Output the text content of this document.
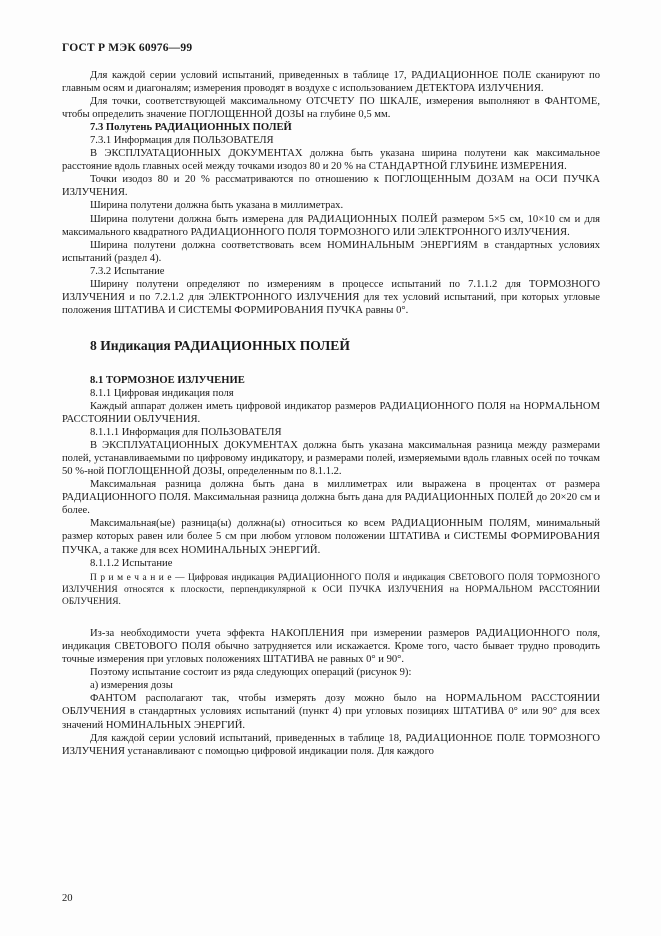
ГОСТ Р МЭК 60976—99

Для каждой серии условий испытаний, приведенных в таблице 17, РАДИАЦИОННОЕ ПОЛЕ сканируют по главным осям и диагоналям; измерения проводят в воздухе с использованием ДЕТЕКТОРА ИЗЛУЧЕНИЯ.

Для точки, соответствующей максимальному ОТСЧЕТУ ПО ШКАЛЕ, измерения выполняют в ФАНТОМЕ, чтобы определить значение ПОГЛОЩЕННОЙ ДОЗЫ на глубине 0,5 мм.

7.3 Полутень РАДИАЦИОННЫХ ПОЛЕЙ

7.3.1 Информация для ПОЛЬЗОВАТЕЛЯ

В ЭКСПЛУАТАЦИОННЫХ ДОКУМЕНТАХ должна быть указана ширина полутени как максимальное расстояние вдоль главных осей между точками изодоз 80 и 20 % на СТАНДАРТНОЙ ГЛУБИНЕ ИЗМЕРЕНИЯ.

Точки изодоз 80 и 20 % рассматриваются по отношению к ПОГЛОЩЕННЫМ ДОЗАМ на ОСИ ПУЧКА ИЗЛУЧЕНИЯ.

Ширина полутени должна быть указана в миллиметрах.

Ширина полутени должна быть измерена для РАДИАЦИОННЫХ ПОЛЕЙ размером 5×5 см, 10×10 см и для максимального квадратного РАДИАЦИОННОГО ПОЛЯ ТОРМОЗНОГО ИЛИ ЭЛЕКТРОННОГО ИЗЛУЧЕНИЯ.

Ширина полутени должна соответствовать всем НОМИНАЛЬНЫМ ЭНЕРГИЯМ в стандартных условиях испытаний (раздел 4).

7.3.2 Испытание

Ширину полутени определяют по измерениям в процессе испытаний по 7.1.1.2 для ТОРМОЗНОГО ИЗЛУЧЕНИЯ и по 7.2.1.2 для ЭЛЕКТРОННОГО ИЗЛУЧЕНИЯ для тех условий испытаний, при которых угловые положения ШТАТИВА И СИСТЕМЫ ФОРМИРОВАНИЯ ПУЧКА равны 0°.

8 Индикация РАДИАЦИОННЫХ ПОЛЕЙ

8.1 ТОРМОЗНОЕ ИЗЛУЧЕНИЕ

8.1.1 Цифровая индикация поля

Каждый аппарат должен иметь цифровой индикатор размеров РАДИАЦИОННОГО ПОЛЯ на НОРМАЛЬНОМ РАССТОЯНИИ ОБЛУЧЕНИЯ.

8.1.1.1 Информация для ПОЛЬЗОВАТЕЛЯ

В ЭКСПЛУАТАЦИОННЫХ ДОКУМЕНТАХ должна быть указана максимальная разница между размерами полей, устанавливаемыми по цифровому индикатору, и размерами полей, измеряемыми вдоль главных осей по точкам 50 %-ной ПОГЛОЩЕННОЙ ДОЗЫ, определенным по 8.1.1.2.

Максимальная разница должна быть дана в миллиметрах или выражена в процентах от размера РАДИАЦИОННОГО ПОЛЯ. Максимальная разница должна быть дана для РАДИАЦИОННЫХ ПОЛЕЙ до 20×20 см и более.

Максимальная(ые) разница(ы) должна(ы) относиться ко всем РАДИАЦИОННЫМ ПОЛЯМ, минимальный размер которых равен или более 5 см при любом угловом положении ШТАТИВА и СИСТЕМЫ ФОРМИРОВАНИЯ ПУЧКА, а также для всех НОМИНАЛЬНЫХ ЭНЕРГИЙ.

8.1.1.2 Испытание

П р и м е ч а н и е — Цифровая индикация РАДИАЦИОННОГО ПОЛЯ и индикация СВЕТОВОГО ПОЛЯ ТОРМОЗНОГО ИЗЛУЧЕНИЯ относятся к плоскости, перпендикулярной к ОСИ ПУЧКА ИЗЛУЧЕНИЯ на НОРМАЛЬНОМ РАССТОЯНИИ ОБЛУЧЕНИЯ.

Из-за необходимости учета эффекта НАКОПЛЕНИЯ при измерении размеров РАДИАЦИОННОГО поля, индикация СВЕТОВОГО ПОЛЯ обычно затрудняется или искажается. Кроме того, часто бывает трудно проводить точные измерения при угловых положениях ШТАТИВА не равных 0° и 90°.

Поэтому испытание состоит из ряда следующих операций (рисунок 9):

а) измерения дозы

ФАНТОМ располагают так, чтобы измерять дозу можно было на НОРМАЛЬНОМ РАССТОЯНИИ ОБЛУЧЕНИЯ в стандартных условиях испытаний (пункт 4) при угловых позициях ШТАТИВА 0° или 90° для всех значений НОМИНАЛЬНЫХ ЭНЕРГИЙ.

Для каждой серии условий испытаний, приведенных в таблице 18, РАДИАЦИОННОЕ ПОЛЕ ТОРМОЗНОГО ИЗЛУЧЕНИЯ устанавливают с помощью цифровой индикации поля. Для каждого

20
